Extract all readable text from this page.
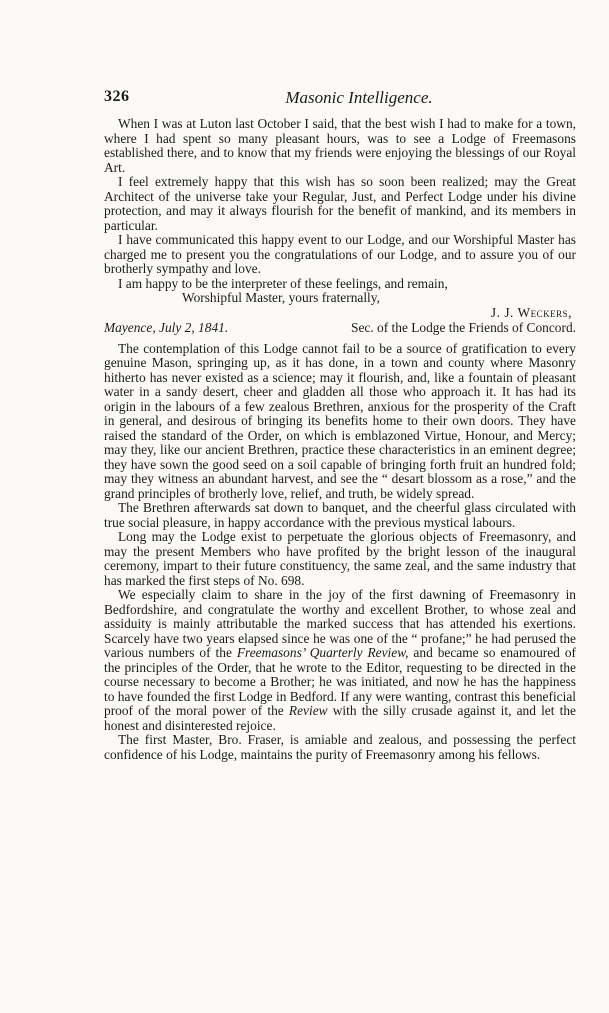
326	Masonic Intelligence.

When I was at Luton last October I said, that the best wish I had to make for a town, where I had spent so many pleasant hours, was to see a Lodge of Freemasons established there, and to know that my friends were enjoying the blessings of our Royal Art.

I feel extremely happy that this wish has so soon been realized; may the Great Architect of the universe take your Regular, Just, and Perfect Lodge under his divine protection, and may it always flourish for the benefit of mankind, and its members in particular.

I have communicated this happy event to our Lodge, and our Worshipful Master has charged me to present you the congratulations of our Lodge, and to assure you of our brotherly sympathy and love.

I am happy to be the interpreter of these feelings, and remain,

Worshipful Master, yours fraternally,

J. J. Weckers,

Mayence, July 2, 1841.	Sec. of the Lodge the Friends of Concord.

The contemplation of this Lodge cannot fail to be a source of gratification to every genuine Mason, springing up, as it has done, in a town and county where Masonry hitherto has never existed as a science; may it flourish, and, like a fountain of pleasant water in a sandy desert, cheer and gladden all those who approach it. It has had its origin in the labours of a few zealous Brethren, anxious for the prosperity of the Craft in general, and desirous of bringing its benefits home to their own doors. They have raised the standard of the Order, on which is emblazoned Virtue, Honour, and Mercy; may they, like our ancient Brethren, practice these characteristics in an eminent degree; they have sown the good seed on a soil capable of bringing forth fruit an hundred fold; may they witness an abundant harvest, and see the “ desart blossom as a rose,” and the grand principles of brotherly love, relief, and truth, be widely spread.

The Brethren afterwards sat down to banquet, and the cheerful glass circulated with true social pleasure, in happy accordance with the previous mystical labours.

Long may the Lodge exist to perpetuate the glorious objects of Freemasonry, and may the present Members who have profited by the bright lesson of the inaugural ceremony, impart to their future constituency, the same zeal, and the same industry that has marked the first steps of No. 698.

We especially claim to share in the joy of the first dawning of Freemasonry in Bedfordshire, and congratulate the worthy and excellent Brother, to whose zeal and assiduity is mainly attributable the marked success that has attended his exertions. Scarcely have two years elapsed since he was one of the “ profane;” he had perused the various numbers of the Freemasons’ Quarterly Review, and became so enamoured of the principles of the Order, that he wrote to the Editor, requesting to be directed in the course necessary to become a Brother; he was initiated, and now he has the happiness to have founded the first Lodge in Bedford. If any were wanting, contrast this beneficial proof of the moral power of the Review with the silly crusade against it, and let the honest and disinterested rejoice.

The first Master, Bro. Fraser, is amiable and zealous, and possessing the perfect confidence of his Lodge, maintains the purity of Freemasonry among his fellows.
